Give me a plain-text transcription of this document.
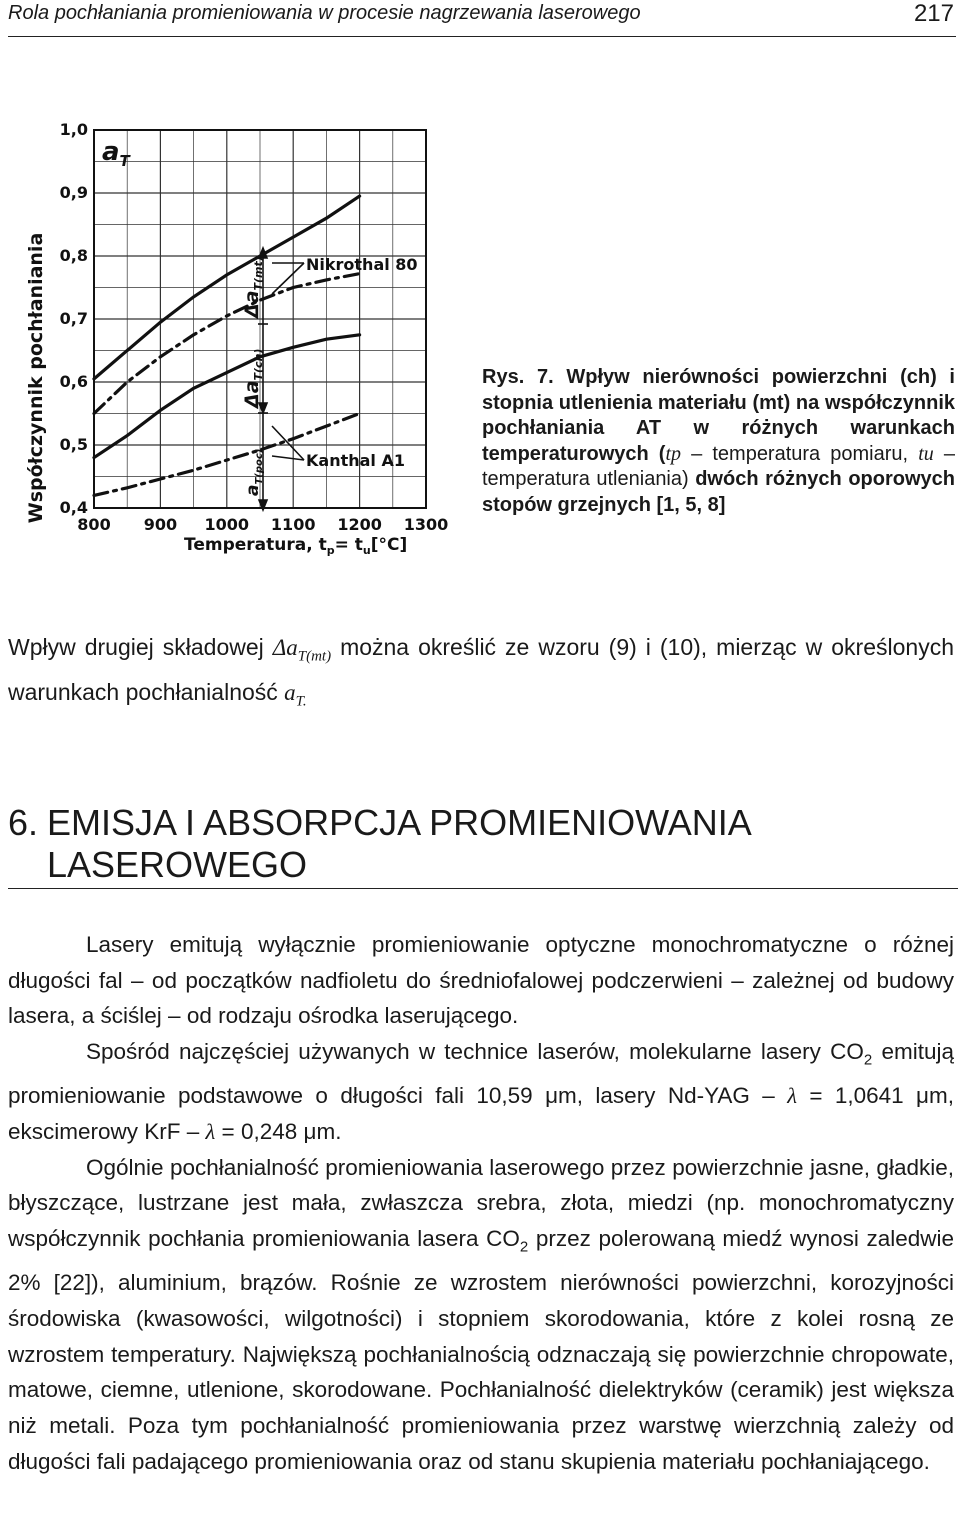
Rola pochłaniania promieniowania w procesie nagrzewania laserowego	217
800 900 1000 1100 1200 1300
0,4
0,5
0,6
0,7
0,8
0,9
1,0
Współczynnik pochłaniania
$a_T$
Temperatura, $t_p= t_u[^\circ C]$
Nikrothal 80
Kanthal A1
$\Delta a_{T(mt)}$
$\Delta a_{T(ch)}$
$a_{T(poc)}$
Rys. 7. Wpływ nierówności powierzchni (ch) i stopnia utlenienia materiału (mt) na współczynnik pochłaniania AT w różnych warunkach temperaturowych (tp – temperatura pomiaru, tu – temperatura utleniania) dwóch różnych oporowych stopów grzejnych [1, 5, 8]
Wpływ drugiej składowej $\Delta a_{T(mt)}$ można określić ze wzoru (9) i (10), mierząc w określonych warunkach pochłanialność $a_{T.}$
6. EMISJA I ABSORPCJA PROMIENIOWANIA
LASEROWEGO

Lasery emitują wyłącznie promieniowanie optyczne monochromatyczne o różnej długości fal – od początków nadfioletu do średniofalowej podczerwieni – zależnej od budowy lasera, a ściślej – od rodzaju ośrodka laserującego.

Spośród najczęściej używanych w technice laserów, molekularne lasery $CO_2$ emitują promieniowanie podstawowe o długości fali 10,59 μm, lasery Nd-YAG – λ = 1,0641 μm, ekscimerowy KrF – λ = 0,248 μm.

Ogólnie pochłanialność promieniowania laserowego przez powierzchnie jasne, gładkie, błyszczące, lustrzane jest mała, zwłaszcza srebra, złota, miedzi (np. monochromatyczny współczynnik pochłania promieniowania lasera $CO_2$ przez polerowaną miedź wynosi zaledwie 2% [22]), aluminium, brązów. Rośnie ze wzrostem nierówności powierzchni, korozyjności środowiska (kwasowości, wilgotności) i stopniem skorodowania, które z kolei rosną ze wzrostem temperatury. Największą pochłanialnością odznaczają się powierzchnie chropowate, matowe, ciemne, utlenione, skorodowane. Pochłanialność dielektryków (ceramik) jest większa niż metali. Poza tym pochłanialność promieniowania przez warstwę wierzchnią zależy od długości fali padającego promieniowania oraz od stanu skupienia materiału pochłaniającego.
